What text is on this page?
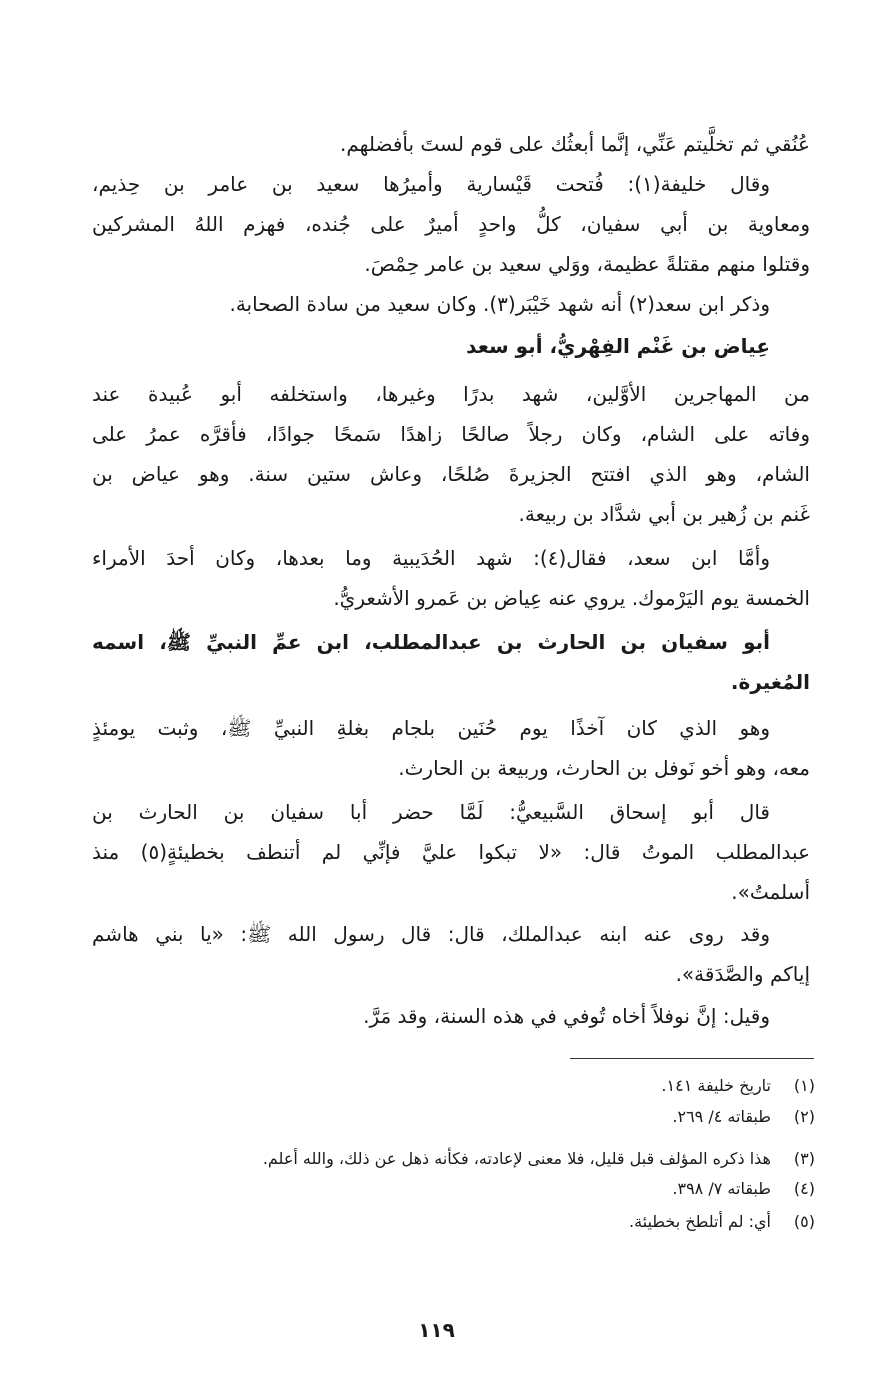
عُنُقي ثم تخلَّيتم عَنِّي، إنَّما أبعثُك على قوم لستَ بأفضلهم.
وقال خليفة(١): فُتحت قَيْسارية وأميرُها سعيد بن عامر بن حِذيم،
ومعاوية بن أبي سفيان، كلُّ واحدٍ أميرٌ على جُنده، فهزم اللهُ المشركين
وقتلوا منهم مقتلةً عظيمة، ووَلي سعيد بن عامر حِمْصَ.
وذكر ابن سعد(٢) أنه شهد خَيْبَر(٣). وكان سعيد من سادة الصحابة.
عِياض بن غَنْم الفِهْريُّ، أبو سعد
من المهاجرين الأوَّلين، شهد بدرًا وغيرها، واستخلفه أبو عُبيدة عند
وفاته على الشام، وكان رجلاً صالحًا زاهدًا سَمحًا جوادًا، فأقرَّه عمرُ على
الشام، وهو الذي افتتح الجزيرةَ صُلحًا، وعاش ستين سنة. وهو عياض بن
غَنم بن زُهير بن أبي شدَّاد بن ربيعة.
وأمَّا ابن سعد، فقال(٤): شهد الحُدَيبية وما بعدها، وكان أحدَ الأمراء
الخمسة يوم اليَرْموك. يروي عنه عِياض بن عَمرو الأشعريُّ.
أبو سفيان بن الحارث بن عبدالمطلب، ابن عمِّ النبيِّ ﷺ، اسمه
المُغيرة.
وهو الذي كان آخذًا يوم حُنَين بلجام بغلةِ النبيِّ ﷺ، وثبت يومئذٍ
معه، وهو أخو نَوفل بن الحارث، وربيعة بن الحارث.
قال أبو إسحاق السَّبيعيُّ: لَمَّا حضر أبا سفيان بن الحارث بن
عبدالمطلب الموتُ قال: «لا تبكوا عليَّ فإنِّي لم أتنطف بخطيئةٍ(٥) منذ
أسلمتُ».
وقد روى عنه ابنه عبدالملك، قال: قال رسول الله ﷺ: «يا بني هاشم
إياكم والصَّدَقة».
وقيل: إنَّ نوفلاً أخاه تُوفي في هذه السنة، وقد مَرَّ.
(١)تاريخ خليفة ١٤١.
(٢)طبقاته ٤/ ٢٦٩.
(٣)هذا ذكره المؤلف قبل قليل، فلا معنى لإعادته، فكأنه ذهل عن ذلك، والله أعلم.
(٤)طبقاته ٧/ ٣٩٨.
(٥)أي: لم أتلطخ بخطيئة.
١١٩
